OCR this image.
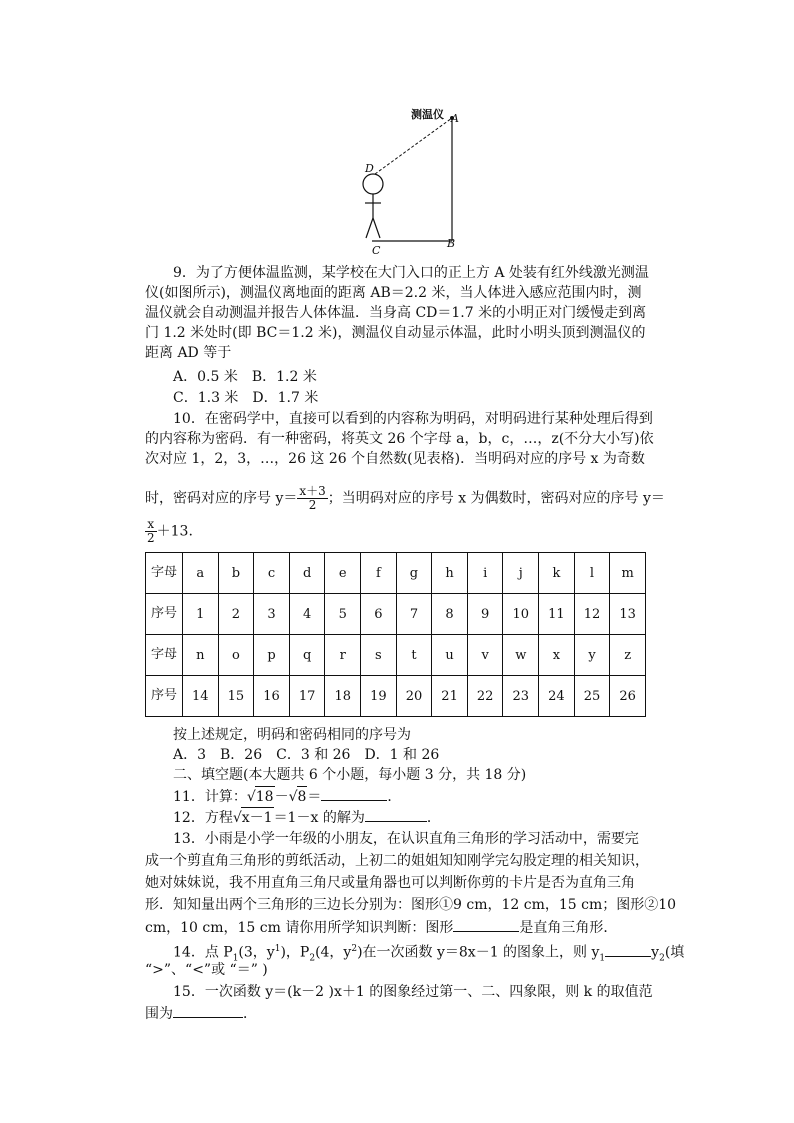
测温仪 A
D
C
B
9．为了方便体温监测，某学校在大门入口的正上方 A 处装有红外线激光测温仪(如图所示)，测温仪离地面的距离 AB＝2.2 米，当人体进入感应范围内时，测温仪就会自动测温并报告人体体温．当身高 CD＝1.7 米的小明正对门缓慢走到离门 1.2 米处时(即 BC＝1.2 米)，测温仪自动显示体温，此时小明头顶到测温仪的距离 AD 等于
A．0.5 米　B．1.2 米
C．1.3 米　D．1.7 米
10．在密码学中，直接可以看到的内容称为明码，对明码进行某种处理后得到的内容称为密码．有一种密码，将英文 26 个字母 a，b，c，…，z(不分大小写)依次对应 1，2，3，…，26 这 26 个自然数(见表格)．当明码对应的序号 x 为奇数
时，密码对应的序号 $y= \frac{x+3}{2}$ ；当明码对应的序号 x 为偶数时，密码对应的序号 y＝
$\frac{x}{2} +13$.
字母	a	b	c	d	e	f	g	h	i	j	k	l	m
序号	1	2	3	4	5	6	7	8	9	10	11	12	13
字母	n	o	p	q	r	s	t	u	v	w	x	y	z
序号	14	15	16	17	18	19	20	21	22	23	24	25	26
按上述规定，明码和密码相同的序号为
A．3　B．26　C．3 和 26　D．1 和 26
二、填空题(本大题共 6 个小题，每小题 3 分，共 18 分)
11．计算：√18－√8＝	．
12．方程√x－1＝1－x 的解为	．
13．小雨是小学一年级的小朋友，在认识直角三角形的学习活动中，需要完
成一个剪直角三角形的剪纸活动，上初二的姐姐知知刚学完勾股定理的相关知识，
她对妹妹说，我不用直角三角尺或量角器也可以判断你剪的卡片是否为直角三角
形．知知量出两个三角形的三边长分别为：图形①9 cm，12 cm，15 cm；图形②10
cm，10 cm，15 cm 请你用所学知识判断：图形	是直角三角形．
14．点 $P_1(3$，$y^1$)，$P_2(4$，$y^2$)在一次函数 y＝8x－1 的图象上，则 $y_1$	$y_2$(填
“>”、“<”或 “＝” )
15．一次函数 y＝(k－2 )x＋1 的图象经过第一、二、四象限，则 k 的取值范
围为	．
